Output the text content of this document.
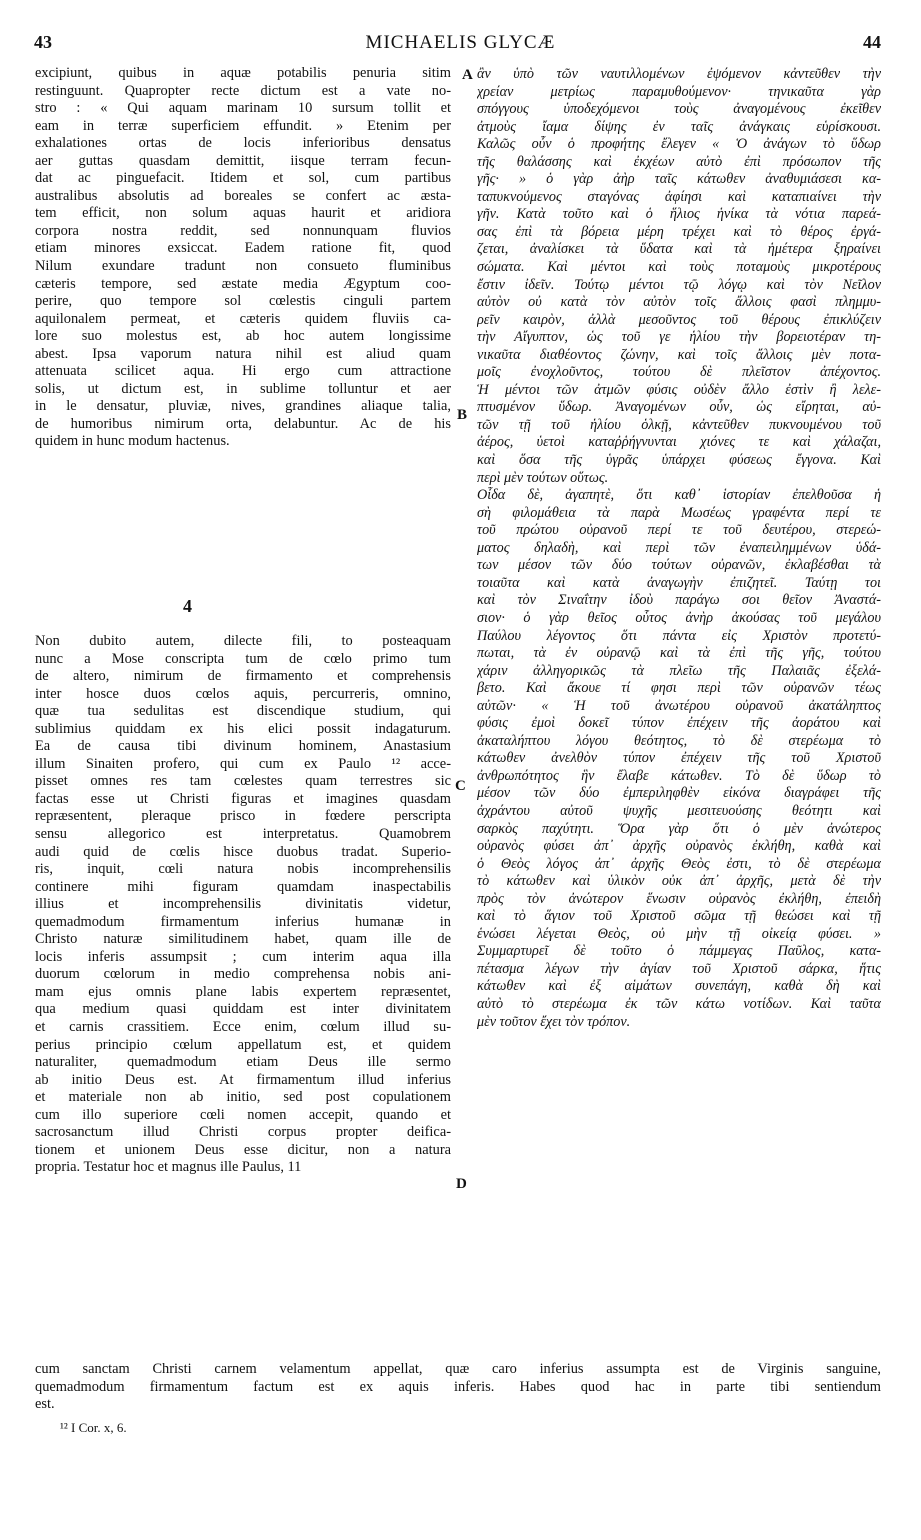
43	MICHAELIS GLYCÆ	44
excipiunt, quibus in aquæ potabilis penuria sitim
restinguunt. Quapropter recte dictum est a vate no-
stro : « Qui aquam marinam 10 sursum tollit et
eam in terræ superficiem effundit. » Etenim per
exhalationes ortas de locis inferioribus densatus
aer guttas quasdam demittit, iisque terram fecun-
dat ac pinguefacit. Itidem et sol, cum partibus
australibus absolutis ad boreales se confert ac æsta-
tem efficit, non solum aquas haurit et aridiora
corpora nostra reddit, sed nonnunquam fluvios
etiam minores exsiccat. Eadem ratione fit, quod
Nilum exundare tradunt non consueto fluminibus
cæteris tempore, sed æstate media Ægyptum coo-
perire, quo tempore sol cœlestis cinguli partem
aquilonalem permeat, et cæteris quidem fluviis ca-
lore suo molestus est, ab hoc autem longissime
abest. Ipsa vaporum natura nihil est aliud quam
attenuata scilicet aqua. Hi ergo cum attractione
solis, ut dictum est, in sublime tolluntur et aer
in le densatur, pluviæ, nives, grandines aliaque talia,
de humoribus nimirum orta, delabuntur. Ac de his
quidem in hunc modum hactenus.
4
Non dubito autem, dilecte fili, to posteaquam
nunc a Mose conscripta tum de cœlo primo tum
de altero, nimirum de firmamento et comprehensis
inter hosce duos cœlos aquis, percurreris, omnino,
quæ tua sedulitas est discendique studium, qui
sublimius quiddam ex his elici possit indagaturum.
Ea de causa tibi divinum hominem, Anastasium
illum Sinaiten profero, qui cum ex Paulo ¹² acce-
pisset omnes res tam cœlestes quam terrestres sic
factas esse ut Christi figuras et imagines quasdam
repræsentent, pleraque prisco in fœdere perscripta
sensu allegorico est interpretatus. Quamobrem
audi quid de cœlis hisce duobus tradat. Superio-
ris, inquit, cœli natura nobis incomprehensilis
continere mihi figuram quamdam inaspectabilis
illius et incomprehensilis divinitatis videtur,
quemadmodum firmamentum inferius humanæ in
Christo naturæ similitudinem habet, quam ille de
locis inferis assumpsit ; cum interim aqua illa
duorum cœlorum in medio comprehensa nobis ani-
mam ejus omnis plane labis expertem repræsentet,
qua medium quasi quiddam est inter divinitatem
et carnis crassitiem. Ecce enim, cœlum illud su-
perius principio cœlum appellatum est, et quidem
naturaliter, quemadmodum etiam Deus ille sermo
ab initio Deus est. At firmamentum illud inferius
et materiale non ab initio, sed post copulationem
cum illo superiore cœli nomen accepit, quando et
sacrosanctum illud Christi corpus propter deifica-
tionem et unionem Deus esse dicitur, non a natura
propria. Testatur hoc et magnus ille Paulus, 11
ἂν ὑπὸ τῶν ναυτιλλομένων ἐψόμενον κἀντεῦθεν τὴν
χρείαν μετρίως παραμυθούμενον· τηνικαῦτα γὰρ
σπόγγους ὑποδεχόμενοι τοὺς ἀναγομένους ἐκεῖθεν
ἀτμοὺς ἴαμα δίψης ἐν ταῖς ἀνάγκαις εὑρίσκουσι.
Καλῶς οὖν ὁ προφήτης ἔλεγεν « Ὁ ἀνάγων τὸ ὕδωρ
τῆς θαλάσσης καὶ ἐκχέων αὐτὸ ἐπὶ πρόσωπον τῆς
γῆς· » ὁ γὰρ ἀὴρ ταῖς κάτωθεν ἀναθυμιάσεσι κα-
ταπυκνούμενος σταγόνας ἀφίησι καὶ καταπιαίνει τὴν
γῆν. Κατὰ τοῦτο καὶ ὁ ἥλιος ἡνίκα τὰ νότια παρεά-
σας ἐπὶ τὰ βόρεια μέρη τρέχει καὶ τὸ θέρος ἐργά-
ζεται, ἀναλίσκει τὰ ὕδατα καὶ τὰ ἡμέτερα ξηραίνει
σώματα. Καὶ μέντοι καὶ τοὺς ποταμοὺς μικροτέρους
ἔστιν ἰδεῖν. Τούτῳ μέντοι τῷ λόγῳ καὶ τὸν Νεῖλον
αὐτὸν οὐ κατὰ τὸν αὐτὸν τοῖς ἄλλοις φασὶ πλημμυ-
ρεῖν καιρὸν, ἀλλὰ μεσοῦντος τοῦ θέρους ἐπικλύζειν
τὴν Αἴγυπτον, ὡς τοῦ γε ἡλίου τὴν βορειοτέραν τη-
νικαῦτα διαθέοντος ζώνην, καὶ τοῖς ἄλλοις μὲν ποτα-
μοῖς ἐνοχλοῦντος, τούτου δὲ πλεῖστον ἀπέχοντος.
Ἡ μέντοι τῶν ἀτμῶν φύσις οὐδὲν ἄλλο ἐστὶν ἢ λελε-
πτυσμένον ὕδωρ. Ἀναγομένων οὖν, ὡς εἴρηται, αὐ-
τῶν τῇ τοῦ ἡλίου ὁλκῇ, κἀντεῦθεν πυκνουμένου τοῦ
ἀέρος, ὑετοὶ καταῤῥήγνυνται χιόνες τε καὶ χάλαζαι,
καὶ ὅσα τῆς ὑγρᾶς ὑπάρχει φύσεως ἔγγονα. Καὶ
περὶ μὲν τούτων οὕτως.
Οἶδα δὲ, ἀγαπητὲ, ὅτι καθ᾽ ἱστορίαν ἐπελθοῦσα ἡ
σὴ φιλομάθεια τὰ παρὰ Μωσέως γραφέντα περί τε
τοῦ πρώτου οὐρανοῦ περί τε τοῦ δευτέρου, στερεώ-
ματος δηλαδὴ, καὶ περὶ τῶν ἐναπειλημμένων ὑδά-
των μέσον τῶν δύο τούτων οὐρανῶν, ἐκλαβέσθαι τὰ
τοιαῦτα καὶ κατὰ ἀναγωγὴν ἐπιζητεῖ. Ταύτῃ τοι
καὶ τὸν Σιναΐτην ἰδοὺ παράγω σοι θεῖον Ἀναστά-
σιον· ὁ γὰρ θεῖος οὗτος ἀνὴρ ἀκούσας τοῦ μεγάλου
Παύλου λέγοντος ὅτι πάντα εἰς Χριστὸν προτετύ-
πωται, τὰ ἐν οὐρανῷ καὶ τὰ ἐπὶ τῆς γῆς, τούτου
χάριν ἀλληγορικῶς τὰ πλεῖω τῆς Παλαιᾶς ἐξελά-
βετο. Καὶ ἄκουε τί φησι περὶ τῶν οὐρανῶν τέως
αὐτῶν· « Ἡ τοῦ ἀνωτέρου οὐρανοῦ ἀκατάληπτος
φύσις ἐμοὶ δοκεῖ τύπον ἐπέχειν τῆς ἀοράτου καὶ
ἀκαταλήπτου λόγου θεότητος, τὸ δὲ στερέωμα τὸ
κάτωθεν ἀνελθὸν τύπον ἐπέχειν τῆς τοῦ Χριστοῦ
ἀνθρωπότητος ἣν ἔλαβε κάτωθεν. Τὸ δὲ ὕδωρ τὸ
μέσον τῶν δύο ἐμπεριληφθὲν εἰκόνα διαγράφει τῆς
ἀχράντου αὐτοῦ ψυχῆς μεσιτευούσης θεότητι καὶ
σαρκὸς παχύτητι. Ὅρα γὰρ ὅτι ὁ μὲν ἀνώτερος
οὐρανὸς φύσει ἀπ᾽ ἀρχῆς οὐρανὸς ἐκλήθη, καθὰ καὶ
ὁ Θεὸς λόγος ἀπ᾽ ἀρχῆς Θεὸς ἐστι, τὸ δὲ στερέωμα
τὸ κάτωθεν καὶ ὑλικὸν οὐκ ἀπ᾽ ἀρχῆς, μετὰ δὲ τὴν
πρὸς τὸν ἀνώτερον ἕνωσιν οὐρανὸς ἐκλήθη, ἐπειδὴ
καὶ τὸ ἅγιον τοῦ Χριστοῦ σῶμα τῇ θεώσει καὶ τῇ
ἑνώσει λέγεται Θεὸς, οὐ μὴν τῇ οἰκείᾳ φύσει. »
Συμμαρτυρεῖ δὲ τοῦτο ὁ πάμμεγας Παῦλος, κατα-
πέτασμα λέγων τὴν ἁγίαν τοῦ Χριστοῦ σάρκα, ἥτις
κάτωθεν καὶ ἐξ αἱμάτων συνεπάγη, καθὰ δὴ καὶ
αὐτὸ τὸ στερέωμα ἐκ τῶν κάτω νοτίδων. Καὶ ταῦτα
μὲν τοῦτον ἔχει τὸν τρόπον.
A
B
C
D
cum sanctam Christi carnem velamentum appellat, quæ caro inferius assumpta est de Virginis sanguine,
quemadmodum firmamentum factum est ex aquis inferis. Habes quod hac in parte tibi sentiendum
est.
¹² I Cor. x, 6.
